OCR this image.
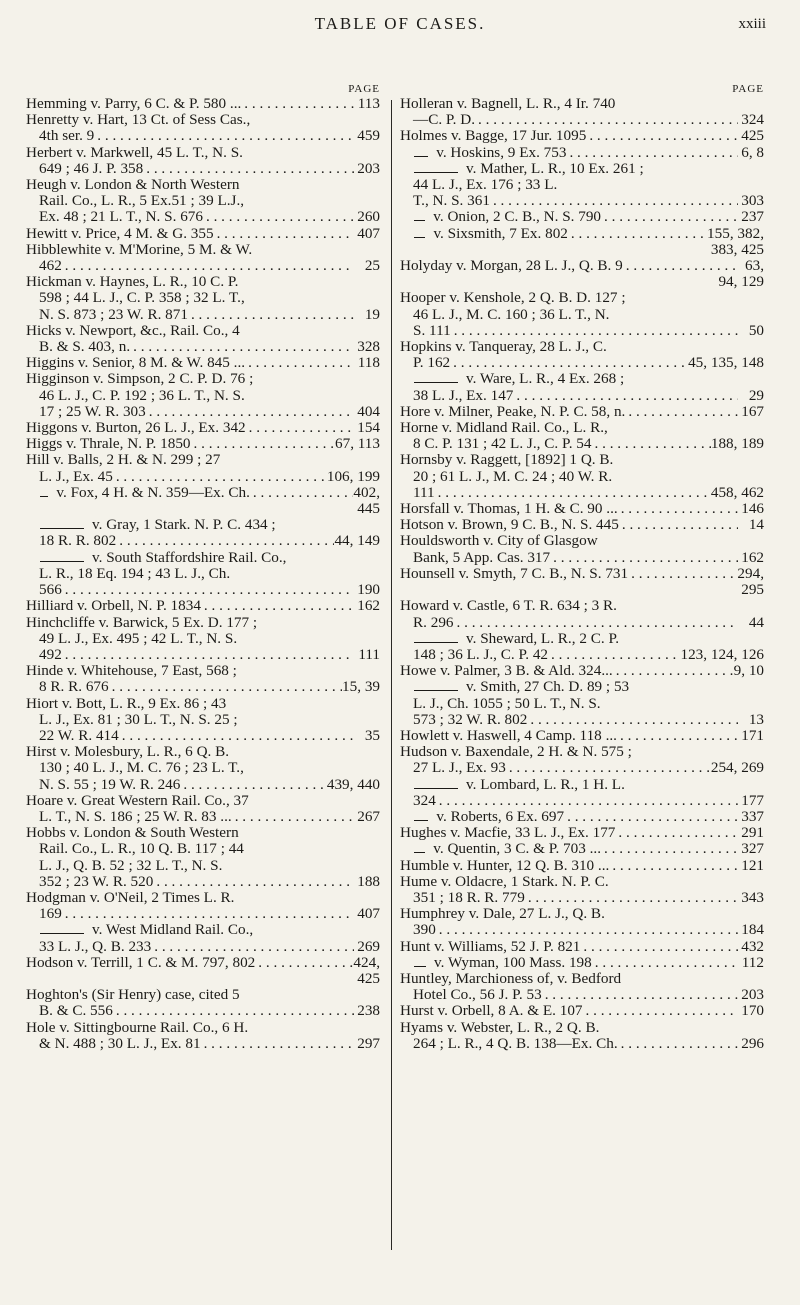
TABLE OF CASES.	xxiii
PAGE
Hemming v. Parry, 6 C. & P. 580 ... . . .	113
Henretty v. Hart, 13 Ct. of Sess Cas.,
4th ser. 9 . . .	459
Herbert v. Markwell, 45 L. T., N. S.
649 ; 46 J. P. 358 . . .	203
Heugh v. London & North Western
Rail. Co., L. R., 5 Ex.51 ; 39 L.J.,
Ex. 48 ; 21 L. T., N. S. 676 . . .	260
Hewitt v. Price, 4 M. & G. 355 . . .	407
Hibblewhite v. M'Morine, 5 M. & W.
462 . . .	25
Hickman v. Haynes, L. R., 10 C. P.
598 ; 44 L. J., C. P. 358 ; 32 L. T.,
N. S. 873 ; 23 W. R. 871 . . .	19
Hicks v. Newport, &c., Rail. Co., 4
B. & S. 403, n. . . .	328
Higgins v. Senior, 8 M. & W. 845 ... . . .	118
Higginson v. Simpson, 2 C. P. D. 76 ;
46 L. J., C. P. 192 ; 36 L. T., N. S.
17 ; 25 W. R. 303 . . .	404
Higgons v. Burton, 26 L. J., Ex. 342 . . .	154
Higgs v. Thrale, N. P. 1850 . . .	67, 113
Hill v. Balls, 2 H. & N. 299 ; 27
L. J., Ex. 45 . . .	106, 199
v. Fox, 4 H. & N. 359—Ex. Ch. . . .	402,
445
v. Gray, 1 Stark. N. P. C. 434 ;
18 R. R. 802 . . .	44, 149
v. South Staffordshire Rail. Co.,
L. R., 18 Eq. 194 ; 43 L. J., Ch.
566 . . .	190
Hilliard v. Orbell, N. P. 1834 . . .	162
Hinchcliffe v. Barwick, 5 Ex. D. 177 ;
49 L. J., Ex. 495 ; 42 L. T., N. S.
492 . . .	111
Hinde v. Whitehouse, 7 East, 568 ;
8 R. R. 676 . . .	15, 39
Hiort v. Bott, L. R., 9 Ex. 86 ; 43
L. J., Ex. 81 ; 30 L. T., N. S. 25 ;
22 W. R. 414 . . .	35
Hirst v. Molesbury, L. R., 6 Q. B.
130 ; 40 L. J., M. C. 76 ; 23 L. T.,
N. S. 55 ; 19 W. R. 246 . . .	439, 440
Hoare v. Great Western Rail. Co., 37
L. T., N. S. 186 ; 25 W. R. 83 ... . . .	267
Hobbs v. London & South Western
Rail. Co., L. R., 10 Q. B. 117 ; 44
L. J., Q. B. 52 ; 32 L. T., N. S.
352 ; 23 W. R. 520 . . .	188
Hodgman v. O'Neil, 2 Times L. R.
169 . . .	407
v. West Midland Rail. Co.,
33 L. J., Q. B. 233 . . .	269
Hodson v. Terrill, 1 C. & M. 797, 802 . . .	424,
425
Hoghton's (Sir Henry) case, cited 5
B. & C. 556 . . .	238
Hole v. Sittingbourne Rail. Co., 6 H.
& N. 488 ; 30 L. J., Ex. 81 . . .	297
PAGE
Holleran v. Bagnell, L. R., 4 Ir. 740
—C. P. D. . . .	324
Holmes v. Bagge, 17 Jur. 1095 . . .	425
v. Hoskins, 9 Ex. 753 . . .	6, 8
v. Mather, L. R., 10 Ex. 261 ;
44 L. J., Ex. 176 ; 33 L.
T., N. S. 361 . . .	303
v. Onion, 2 C. B., N. S. 790 . . .	237
v. Sixsmith, 7 Ex. 802 . . .	155, 382,
383, 425
Holyday v. Morgan, 28 L. J., Q. B. 9 . . .	63,
94, 129
Hooper v. Kenshole, 2 Q. B. D. 127 ;
46 L. J., M. C. 160 ; 36 L. T., N.
S. 111 . . .	50
Hopkins v. Tanqueray, 28 L. J., C.
P. 162 . . .	45, 135, 148
v. Ware, L. R., 4 Ex. 268 ;
38 L. J., Ex. 147 . . .	29
Hore v. Milner, Peake, N. P. C. 58, n. . . .	167
Horne v. Midland Rail. Co., L. R.,
8 C. P. 131 ; 42 L. J., C. P. 54 . . .	188, 189
Hornsby v. Raggett, [1892] 1 Q. B.
20 ; 61 L. J., M. C. 24 ; 40 W. R.
111 . . .	458, 462
Horsfall v. Thomas, 1 H. & C. 90 ... . . .	146
Hotson v. Brown, 9 C. B., N. S. 445 . . .	14
Houldsworth v. City of Glasgow
Bank, 5 App. Cas. 317 . . .	162
Hounsell v. Smyth, 7 C. B., N. S. 731 . . .	294,
295
Howard v. Castle, 6 T. R. 634 ; 3 R.
R. 296 . . .	44
v. Sheward, L. R., 2 C. P.
148 ; 36 L. J., C. P. 42 . . .	123, 124, 126
Howe v. Palmer, 3 B. & Ald. 324... . . .	9, 10
v. Smith, 27 Ch. D. 89 ; 53
L. J., Ch. 1055 ; 50 L. T., N. S.
573 ; 32 W. R. 802 . . .	13
Howlett v. Haswell, 4 Camp. 118 ... . . .	171
Hudson v. Baxendale, 2 H. & N. 575 ;
27 L. J., Ex. 93 . . .	254, 269
v. Lombard, L. R., 1 H. L.
324 . . .	177
v. Roberts, 6 Ex. 697 . . .	337
Hughes v. Macfie, 33 L. J., Ex. 177 . . .	291
v. Quentin, 3 C. & P. 703 ... . . .	327
Humble v. Hunter, 12 Q. B. 310 ... . . .	121
Hume v. Oldacre, 1 Stark. N. P. C.
351 ; 18 R. R. 779 . . .	343
Humphrey v. Dale, 27 L. J., Q. B.
390 . . .	184
Hunt v. Williams, 52 J. P. 821 . . .	432
v. Wyman, 100 Mass. 198 . . .	112
Huntley, Marchioness of, v. Bedford
Hotel Co., 56 J. P. 53 . . .	203
Hurst v. Orbell, 8 A. & E. 107 . . .	170
Hyams v. Webster, L. R., 2 Q. B.
264 ; L. R., 4 Q. B. 138—Ex. Ch. . . .	296
